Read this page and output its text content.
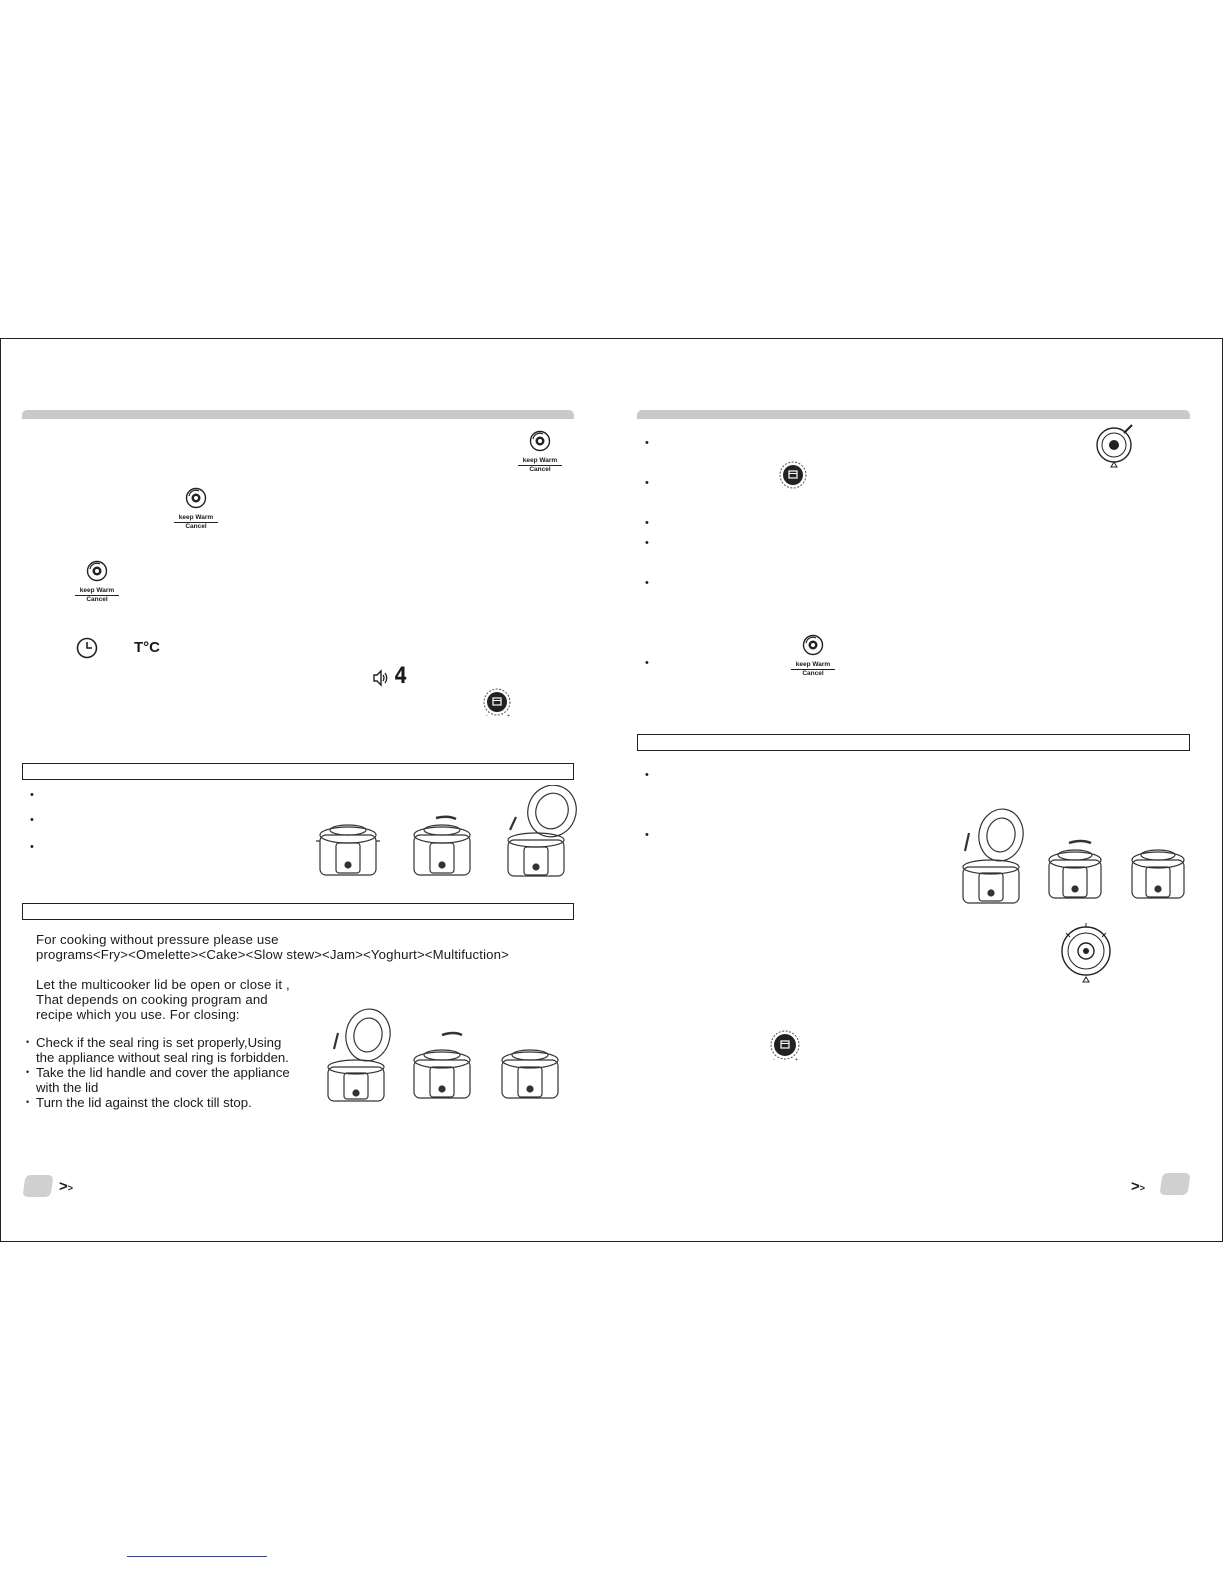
keep Warm
Cancel
keep Warm
Cancel
keep Warm
Cancel
T°C
4
-	+
•
•
•
For cooking without pressure please use
programs<Fry><Omelette><Cake><Slow stew><Jam><Yoghurt><Multifuction>
Let the multicooker lid be open or close it ,
That depends on cooking program and
recipe which you use. For closing:
• Check if the seal ring is set properly,Using
the appliance without seal ring is forbidden.
• Take the lid handle and cover the appliance
with the lid
• Turn the lid against the clock till stop.
>>
•
•
•
•
•
•	keep Warm
Cancel
•
•
-	+
>>
